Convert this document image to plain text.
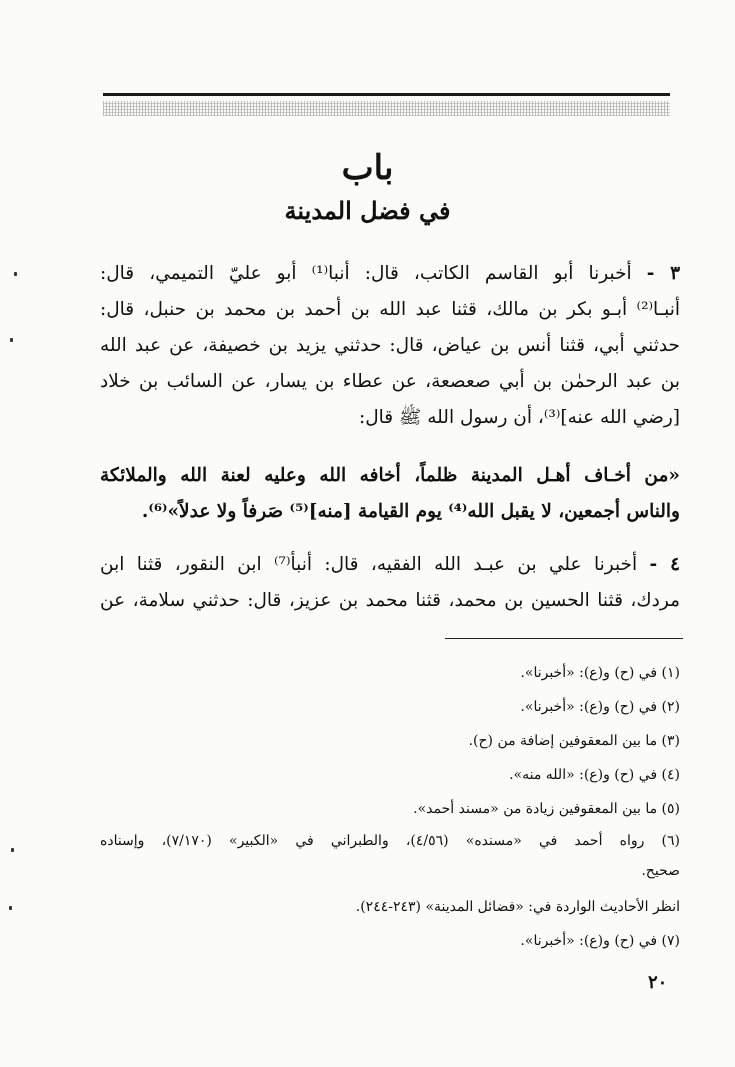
باب
في فضل المدينة
٣ - أخبرنا أبو القاسم الكاتب، قال: أنبا⁽¹⁾ أبو عليّ التميمي، قال:
أنبـا⁽²⁾ أبـو بكر بن مالك، قثنا عبد الله بن أحمد بن محمد بن حنبل، قال:
حدثني أبي، قثنا أنس بن عياض، قال: حدثني يزيد بن خصيفة، عن عبد الله
بن عبد الرحمٰن بن أبي صعصعة، عن عطاء بن يسار، عن السائب بن خلاد
[رضي الله عنه]⁽³⁾، أن رسول الله ﷺ قال:
«من أخـاف أهـل المدينة ظلماً، أخافه الله وعليه لعنة الله والملائكة
والناس أجمعين، لا يقبل الله⁽⁴⁾ يوم القيامة [منه]⁽⁵⁾ صَرفاً ولا عدلاً»⁽⁶⁾.
٤ - أخبرنا علي بن عبـد الله الفقيه، قال: أنبأ⁽⁷⁾ ابن النقور، قثنا ابن
مردك، قثنا الحسين بن محمد، قثنا محمد بن عزيز، قال: حدثني سلامة، عن
(١) في (ح) و(ع): «أخبرنا».
(٢) في (ح) و(ع): «أخبرنا».
(٣) ما بين المعقوفين إضافة من (ح).
(٤) في (ح) و(ع): «الله منه».
(٥) ما بين المعقوفين زيادة من «مسند أحمد».
(٦) رواه أحمد في «مسنده» (٤/٥٦)، والطبراني في «الكبير» (٧/١٧٠)، وإسناده
صحيح.
انظر الأحاديث الواردة في: «فضائل المدينة» (٢٤٣-٢٤٤).
(٧) في (ح) و(ع): «أخبرنا».
٢٠
